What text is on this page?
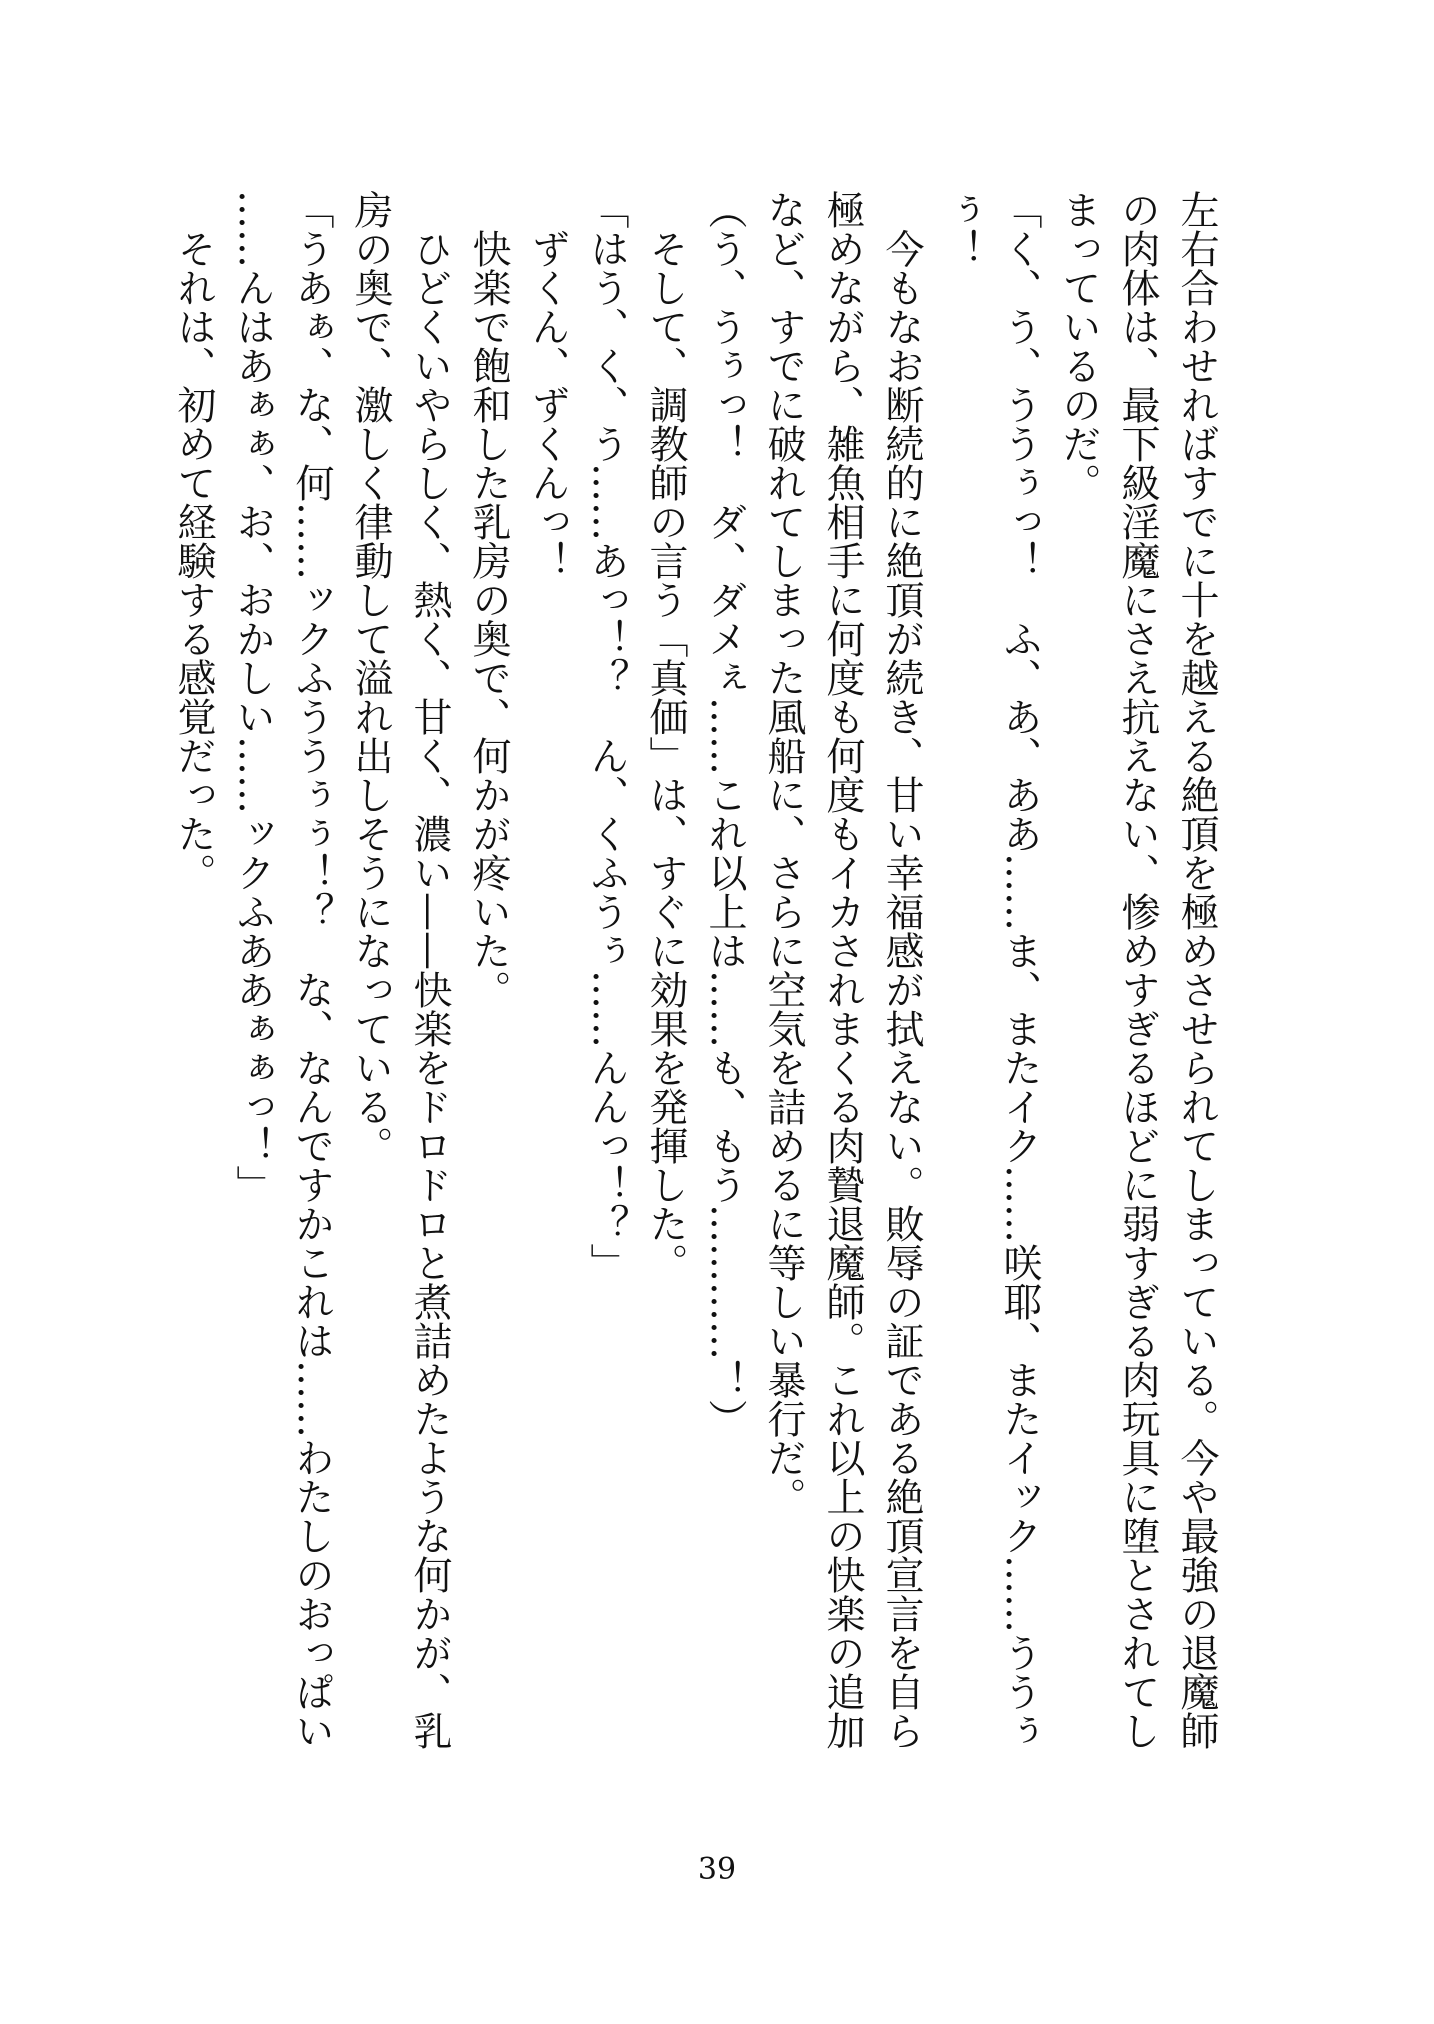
左右合わせればすでに十を越える絶頂を極めさせられてしまっている。今や最強の退魔師

の肉体は、最下級淫魔にさえ抗えない、惨めすぎるほどに弱すぎる肉玩具に堕とされてし

まっているのだ。

「く、う、ううぅっ！　ふ、あ、ああ……ま、またイク……咲耶、またイック……ううぅ

ぅ！

　今もなお断続的に絶頂が続き、甘い幸福感が拭えない。敗辱の証である絶頂宣言を自ら

極めながら、雑魚相手に何度も何度もイカされまくる肉贄退魔師。これ以上の快楽の追加

など、すでに破れてしまった風船に、さらに空気を詰めるに等しい暴行だ。

（う、うぅっ！　ダ、ダメぇ……これ以上は……も、もう…………！）

　そして、調教師の言う「真価」は、すぐに効果を発揮した。

「はう、く、う……あっ！？　ん、くふうぅ……んんっ！？」

　ずくん、ずくんっ！

　快楽で飽和した乳房の奥で、何かが疼いた。

　ひどくいやらしく、熱く、甘く、濃い——快楽をドロドロと煮詰めたような何かが、乳

房の奥で、激しく律動して溢れ出しそうになっている。

「うあぁ、な、何……ックふううぅぅ！？　な、なんですかこれは……わたしのおっぱい

……んはあぁぁ、お、おかしい……ックふああぁぁっ！」

　それは、初めて経験する感覚だった。

39
